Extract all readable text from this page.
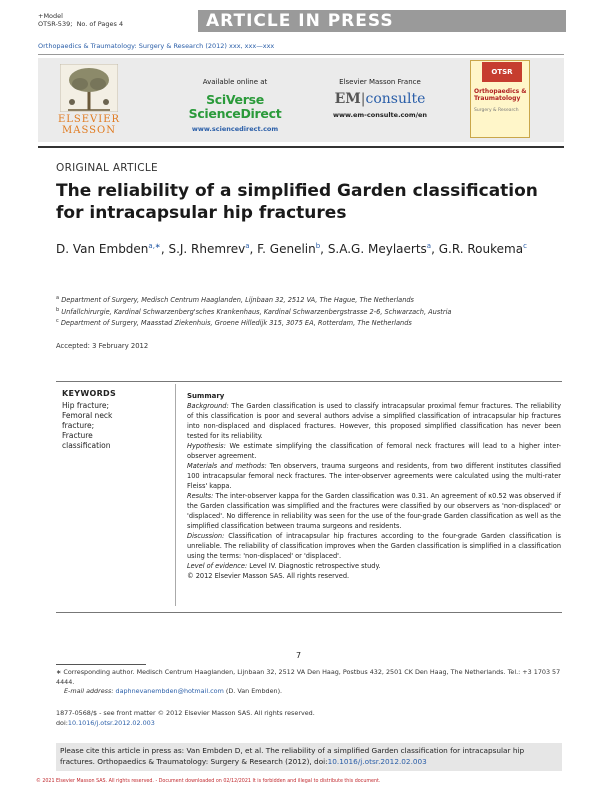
+Model
OTSR-539; No. of Pages 4	ARTICLE IN PRESS
Orthopaedics & Traumatology: Surgery & Research (2012) xxx, xxx—xxx
ELSEVIER MASSON
Available online at
SciVerse ScienceDirect
www.sciencedirect.com
Elsevier Masson France
EM|consulte
www.em-consulte.com/en
OTSR
Orthopaedics & Traumatology
Surgery & Research
ORIGINAL ARTICLE
The reliability of a simplified Garden classification for intracapsular hip fractures
D. Van Embden$^{a,∗}$, S.J. Rhemrev$^a$, F. Genelin$^b$, S.A.G. Meylaerts$^a$, G.R. Roukema$^c$
$^a$ Department of Surgery, Medisch Centrum Haaglanden, Lijnbaan 32, 2512 VA, The Hague, The Netherlands
$^b$ Unfallchirurgie, Kardinal Schwarzenberg'sches Krankenhaus, Kardinal Schwarzenbergstrasse 2-6, Schwarzach, Austria
$^c$ Department of Surgery, Maasstad Ziekenhuis, Groene Hilledijk 315, 3075 EA, Rotterdam, The Netherlands
Accepted: 3 February 2012
KEYWORDS
Hip fracture;
Femoral neck fracture;
Fracture classification
Summary
Background: The Garden classification is used to classify intracapsular proximal femur fractures. The reliability of this classification is poor and several authors advise a simplified classification of intracapsular hip fractures into non-displaced and displaced fractures. However, this proposed simplified classification has never been tested for its reliability.
Hypothesis: We estimate simplifying the classification of femoral neck fractures will lead to a higher inter-observer agreement.
Materials and methods: Ten observers, trauma surgeons and residents, from two different institutes classified 100 intracapsular femoral neck fractures. The inter-observer agreements were calculated using the multi-rater Fleiss' kappa.
Results: The inter-observer kappa for the Garden classification was 0.31. An agreement of κ0.52 was observed if the Garden classification was simplified and the fractures were classified by our observers as 'non-displaced' or 'displaced'. No difference in reliability was seen for the use of the four-grade Garden classification as well as the simplified classification between trauma surgeons and residents.
Discussion: Classification of intracapsular hip fractures according to the four-grade Garden classification is unreliable. The reliability of classification improves when the Garden classification is simplified in a classification using the terms: 'non-displaced' or 'displaced'.
Level of evidence: Level IV. Diagnostic retrospective study.
© 2012 Elsevier Masson SAS. All rights reserved.
7
∗ Corresponding author. Medisch Centrum Haaglanden, Lijnbaan 32, 2512 VA Den Haag, Postbus 432, 2501 CK Den Haag, The Netherlands. Tel.: +3 1703 57 4444.
E-mail address: daphnevanembden@hotmail.com (D. Van Embden).
1877-0568/$ - see front matter © 2012 Elsevier Masson SAS. All rights reserved.
doi:10.1016/j.otsr.2012.02.003
Please cite this article in press as: Van Embden D, et al. The reliability of a simplified Garden classification for intracapsular hip fractures. Orthopaedics & Traumatology: Surgery & Research (2012), doi:10.1016/j.otsr.2012.02.003
© 2021 Elsevier Masson SAS. All rights reserved. - Document downloaded on 02/12/2021 It is forbidden and illegal to distribute this document.
